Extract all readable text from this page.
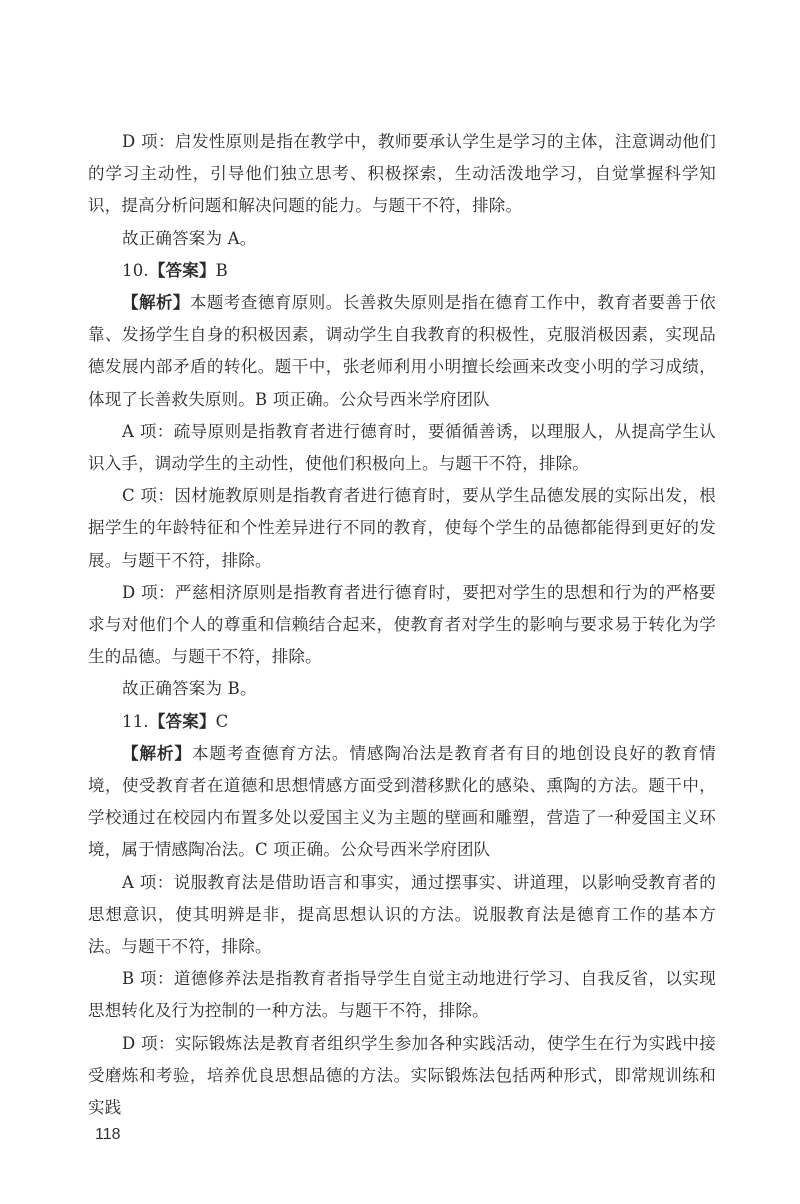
D 项：启发性原则是指在教学中，教师要承认学生是学习的主体，注意调动他们的学习主动性，引导他们独立思考、积极探索，生动活泼地学习，自觉掌握科学知识，提高分析问题和解决问题的能力。与题干不符，排除。

故正确答案为 A。

10.【答案】B

【解析】本题考查德育原则。长善救失原则是指在德育工作中，教育者要善于依靠、发扬学生自身的积极因素，调动学生自我教育的积极性，克服消极因素，实现品德发展内部矛盾的转化。题干中，张老师利用小明擅长绘画来改变小明的学习成绩，体现了长善救失原则。B 项正确。公众号西米学府团队

A 项：疏导原则是指教育者进行德育时，要循循善诱，以理服人，从提高学生认识入手，调动学生的主动性，使他们积极向上。与题干不符，排除。

C 项：因材施教原则是指教育者进行德育时，要从学生品德发展的实际出发，根据学生的年龄特征和个性差异进行不同的教育，使每个学生的品德都能得到更好的发展。与题干不符，排除。

D 项：严慈相济原则是指教育者进行德育时，要把对学生的思想和行为的严格要求与对他们个人的尊重和信赖结合起来，使教育者对学生的影响与要求易于转化为学生的品德。与题干不符，排除。

故正确答案为 B。

11.【答案】C

【解析】本题考查德育方法。情感陶冶法是教育者有目的地创设良好的教育情境，使受教育者在道德和思想情感方面受到潜移默化的感染、熏陶的方法。题干中，学校通过在校园内布置多处以爱国主义为主题的壁画和雕塑，营造了一种爱国主义环境，属于情感陶冶法。C 项正确。公众号西米学府团队

A 项：说服教育法是借助语言和事实，通过摆事实、讲道理，以影响受教育者的思想意识，使其明辨是非，提高思想认识的方法。说服教育法是德育工作的基本方法。与题干不符，排除。

B 项：道德修养法是指教育者指导学生自觉主动地进行学习、自我反省，以实现思想转化及行为控制的一种方法。与题干不符，排除。

D 项：实际锻炼法是教育者组织学生参加各种实践活动，使学生在行为实践中接受磨炼和考验，培养优良思想品德的方法。实际锻炼法包括两种形式，即常规训练和实践

118
